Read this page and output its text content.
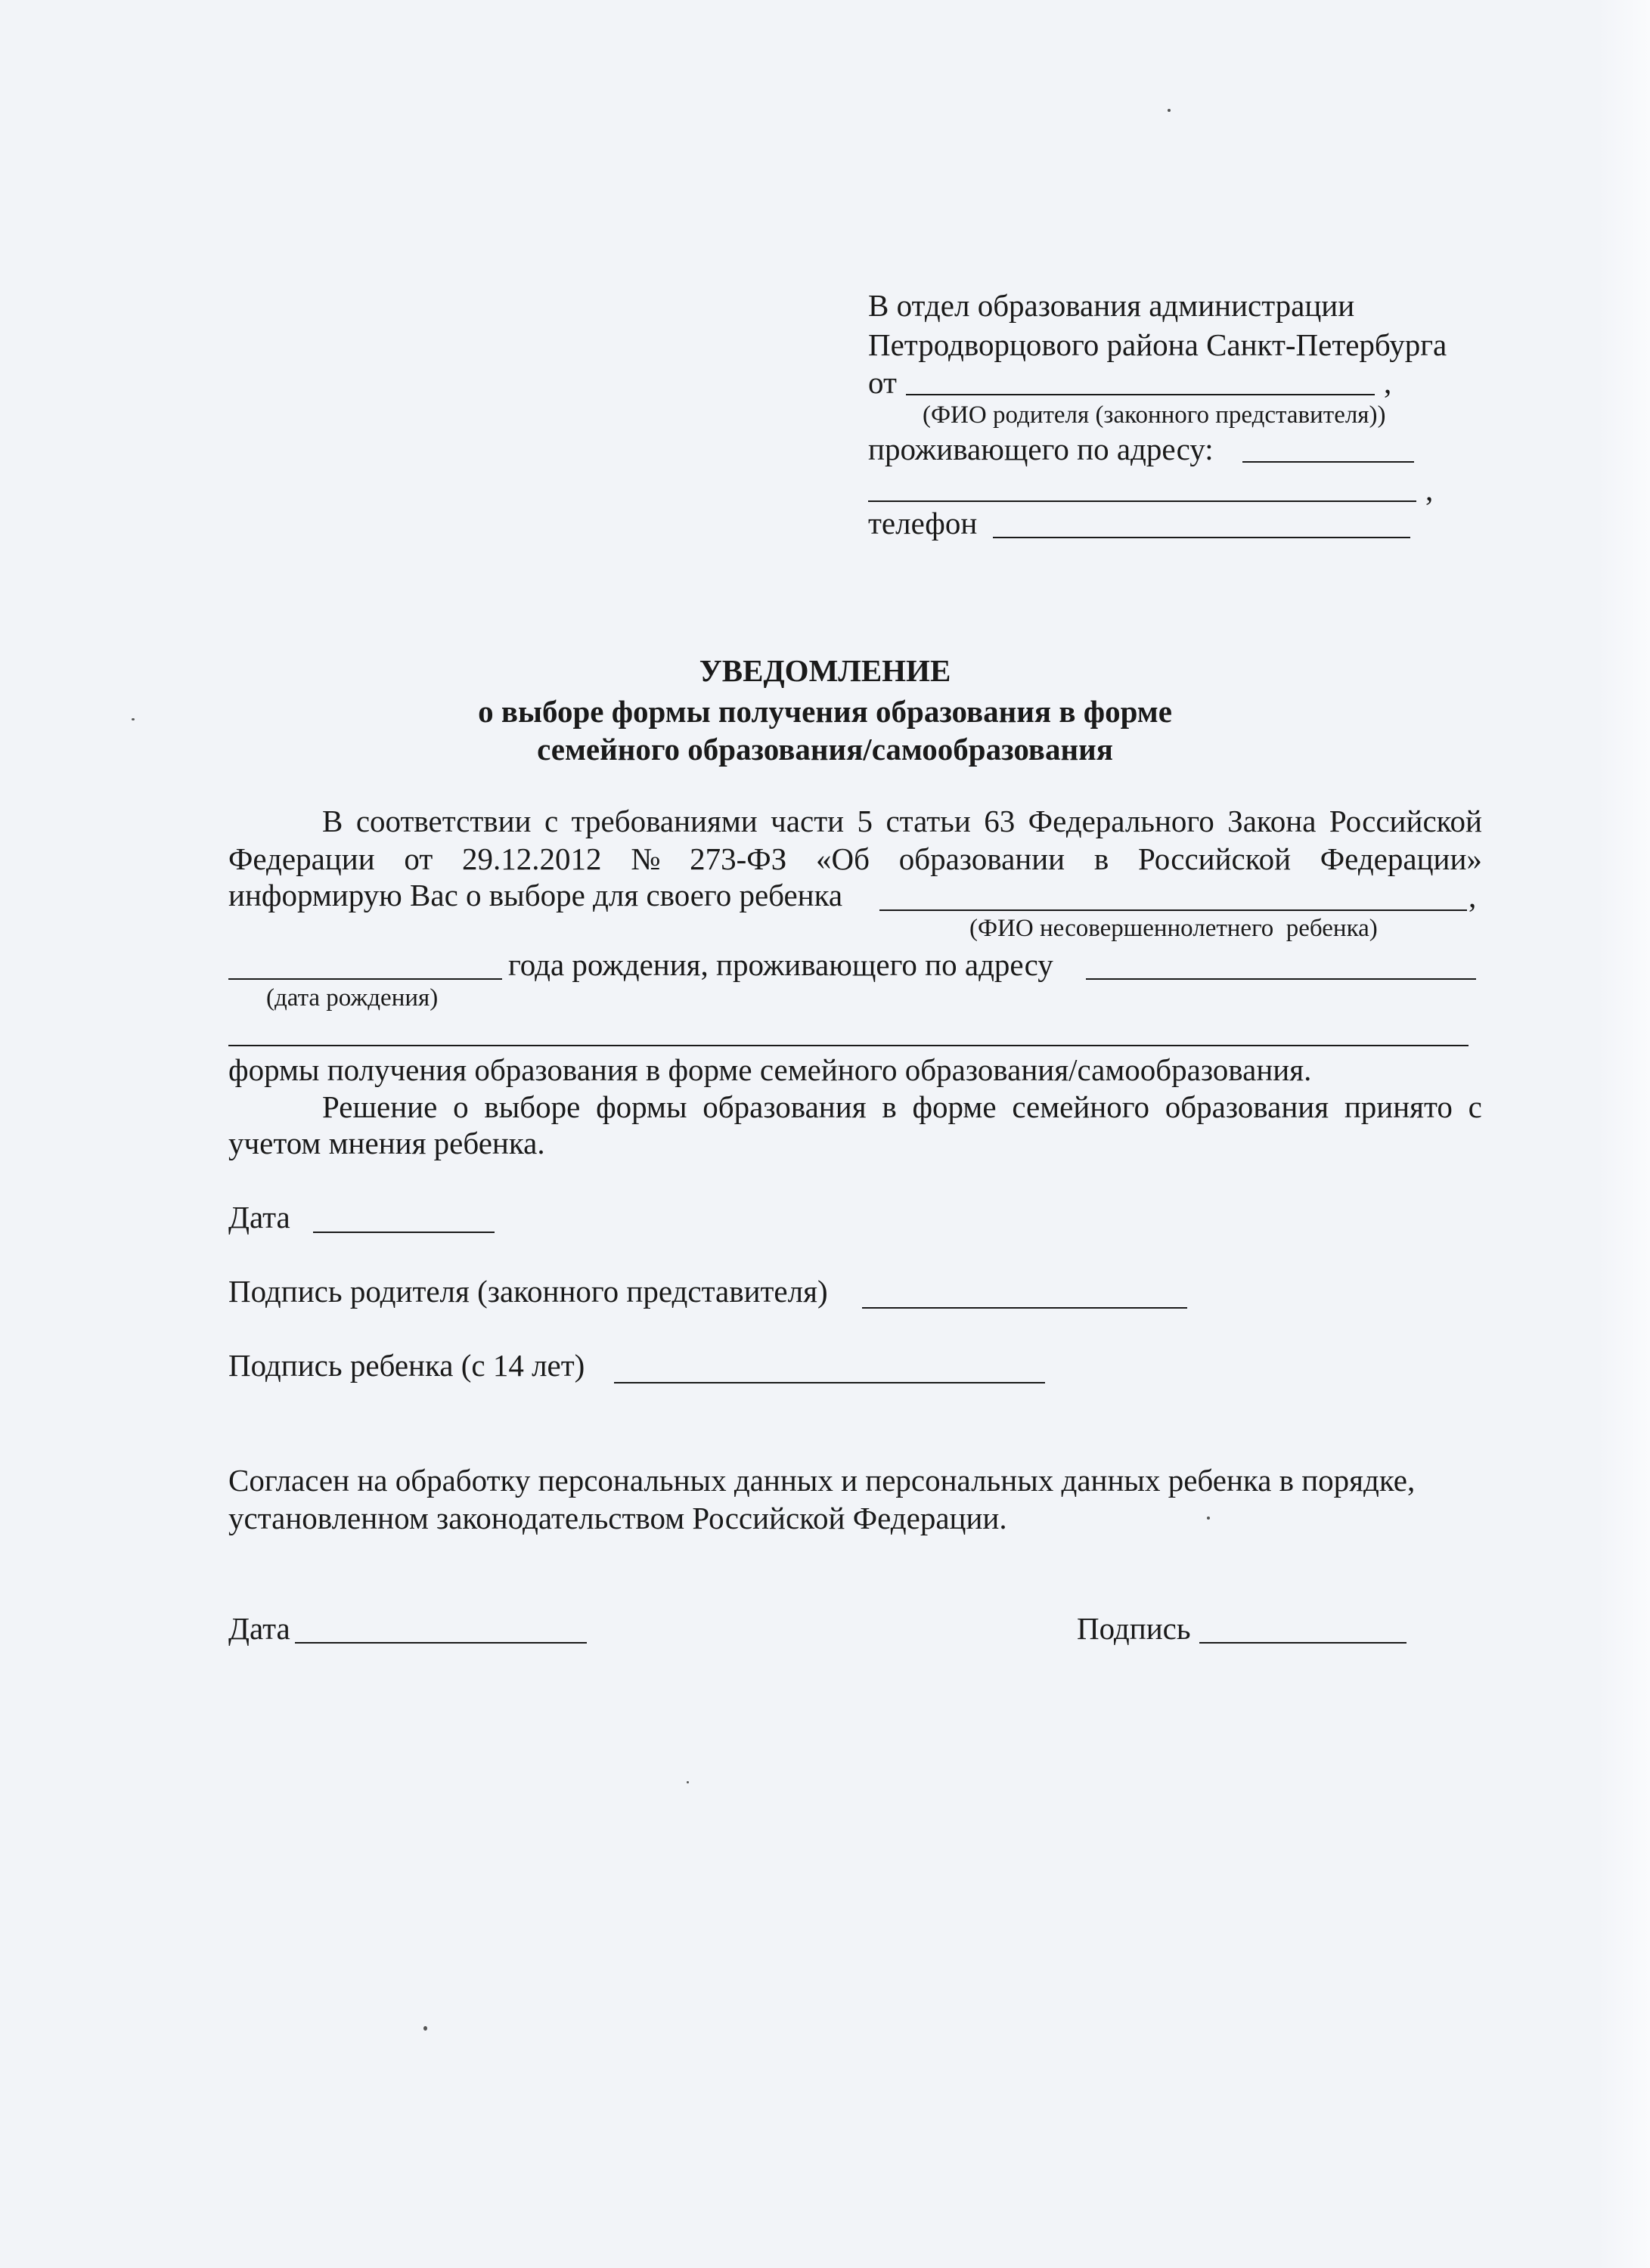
В отдел образования администрации
Петродворцового района Санкт-Петербурга
от	,
(ФИО родителя (законного представителя))
проживающего по адресу:
,
телефон
УВЕДОМЛЕНИЕ
о выборе формы получения образования в форме
семейного образования/самообразования
В соответствии с требованиями части 5 статьи 63 Федерального Закона Российской
Федерации от 29.12.2012 № 273-ФЗ «Об образовании в Российской Федерации»
информирую Вас о выборе для своего ребенка	,
(ФИО несовершеннолетнего  ребенка)
года рождения, проживающего по адресу
(дата рождения)
формы получения образования в форме семейного образования/самообразования.
Решение о выборе формы образования в форме семейного образования принято с
учетом мнения ребенка.
Дата
Подпись родителя (законного представителя)
Подпись ребенка (с 14 лет)
Согласен на обработку персональных данных и персональных данных ребенка в порядке,
установленном законодательством Российской Федерации.
Дата	Подпись
